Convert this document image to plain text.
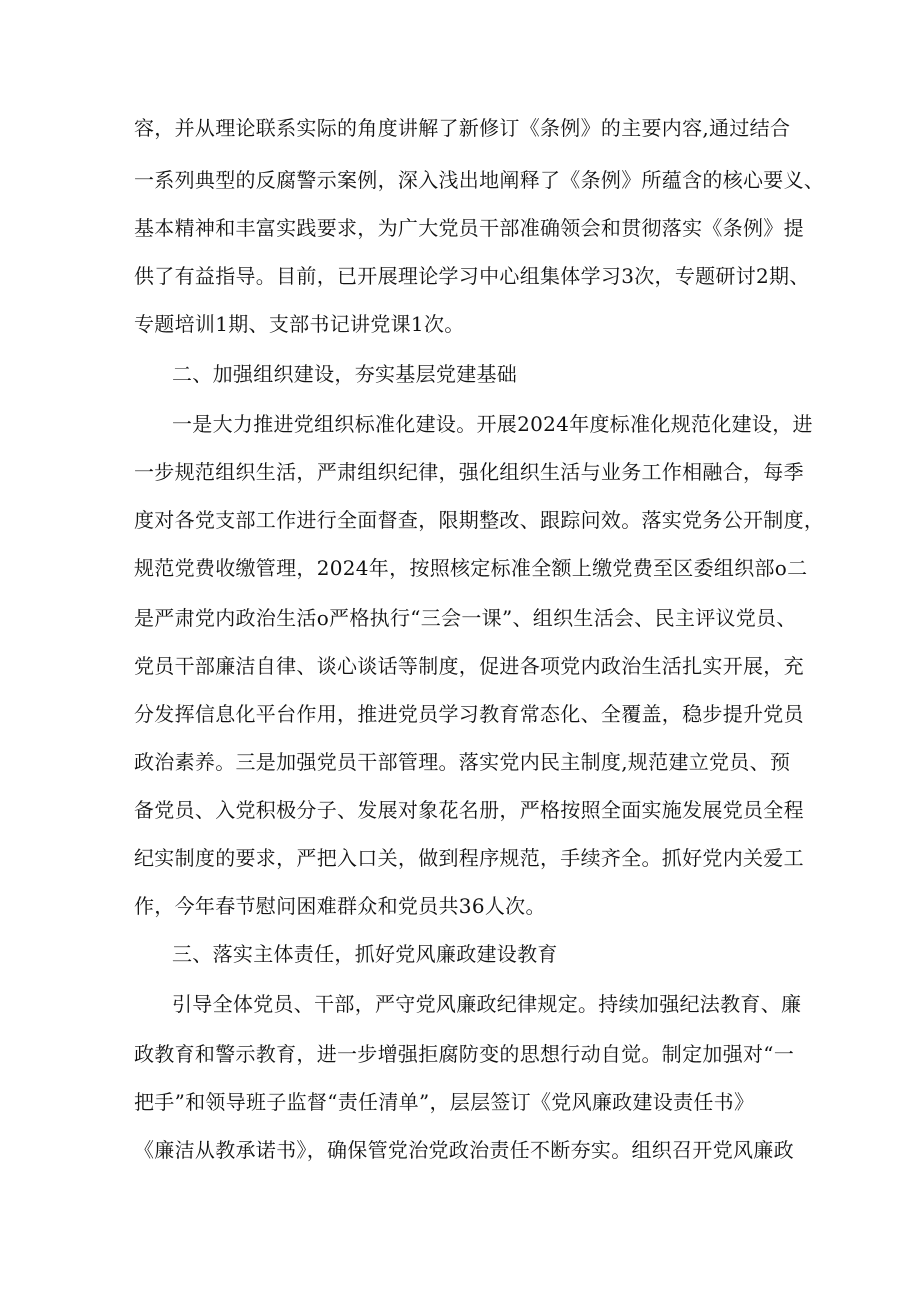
容，并从理论联系实际的角度讲解了新修订《条例》的主要内容,通过结合
一系列典型的反腐警示案例，深入浅出地阐释了《条例》所蕴含的核心要义、
基本精神和丰富实践要求，为广大党员干部准确领会和贯彻落实《条例》提
供了有益指导。目前，已开展理论学习中心组集体学习3次，专题研讨2期、
专题培训1期、支部书记讲党课1次。
二、加强组织建设，夯实基层党建基础
一是大力推进党组织标准化建设。开展2024年度标准化规范化建设，进
一步规范组织生活，严肃组织纪律，强化组织生活与业务工作相融合，每季
度对各党支部工作进行全面督查，限期整改、跟踪问效。落实党务公开制度，
规范党费收缴管理，2024年，按照核定标准全额上缴党费至区委组织部o二
是严肃党内政治生活o严格执行“三会一课”、组织生活会、民主评议党员、
党员干部廉洁自律、谈心谈话等制度，促进各项党内政治生活扎实开展，充
分发挥信息化平台作用，推进党员学习教育常态化、全覆盖，稳步提升党员
政治素养。三是加强党员干部管理。落实党内民主制度,规范建立党员、预
备党员、入党积极分子、发展对象花名册，严格按照全面实施发展党员全程
纪实制度的要求，严把入口关，做到程序规范，手续齐全。抓好党内关爱工
作，今年春节慰问困难群众和党员共36人次。
三、落实主体责任，抓好党风廉政建设教育
引导全体党员、干部，严守党风廉政纪律规定。持续加强纪法教育、廉
政教育和警示教育，进一步增强拒腐防变的思想行动自觉。制定加强对“一
把手”和领导班子监督“责任清单”，层层签订《党风廉政建设责任书》
《廉洁从教承诺书》，确保管党治党政治责任不断夯实。组织召开党风廉政
